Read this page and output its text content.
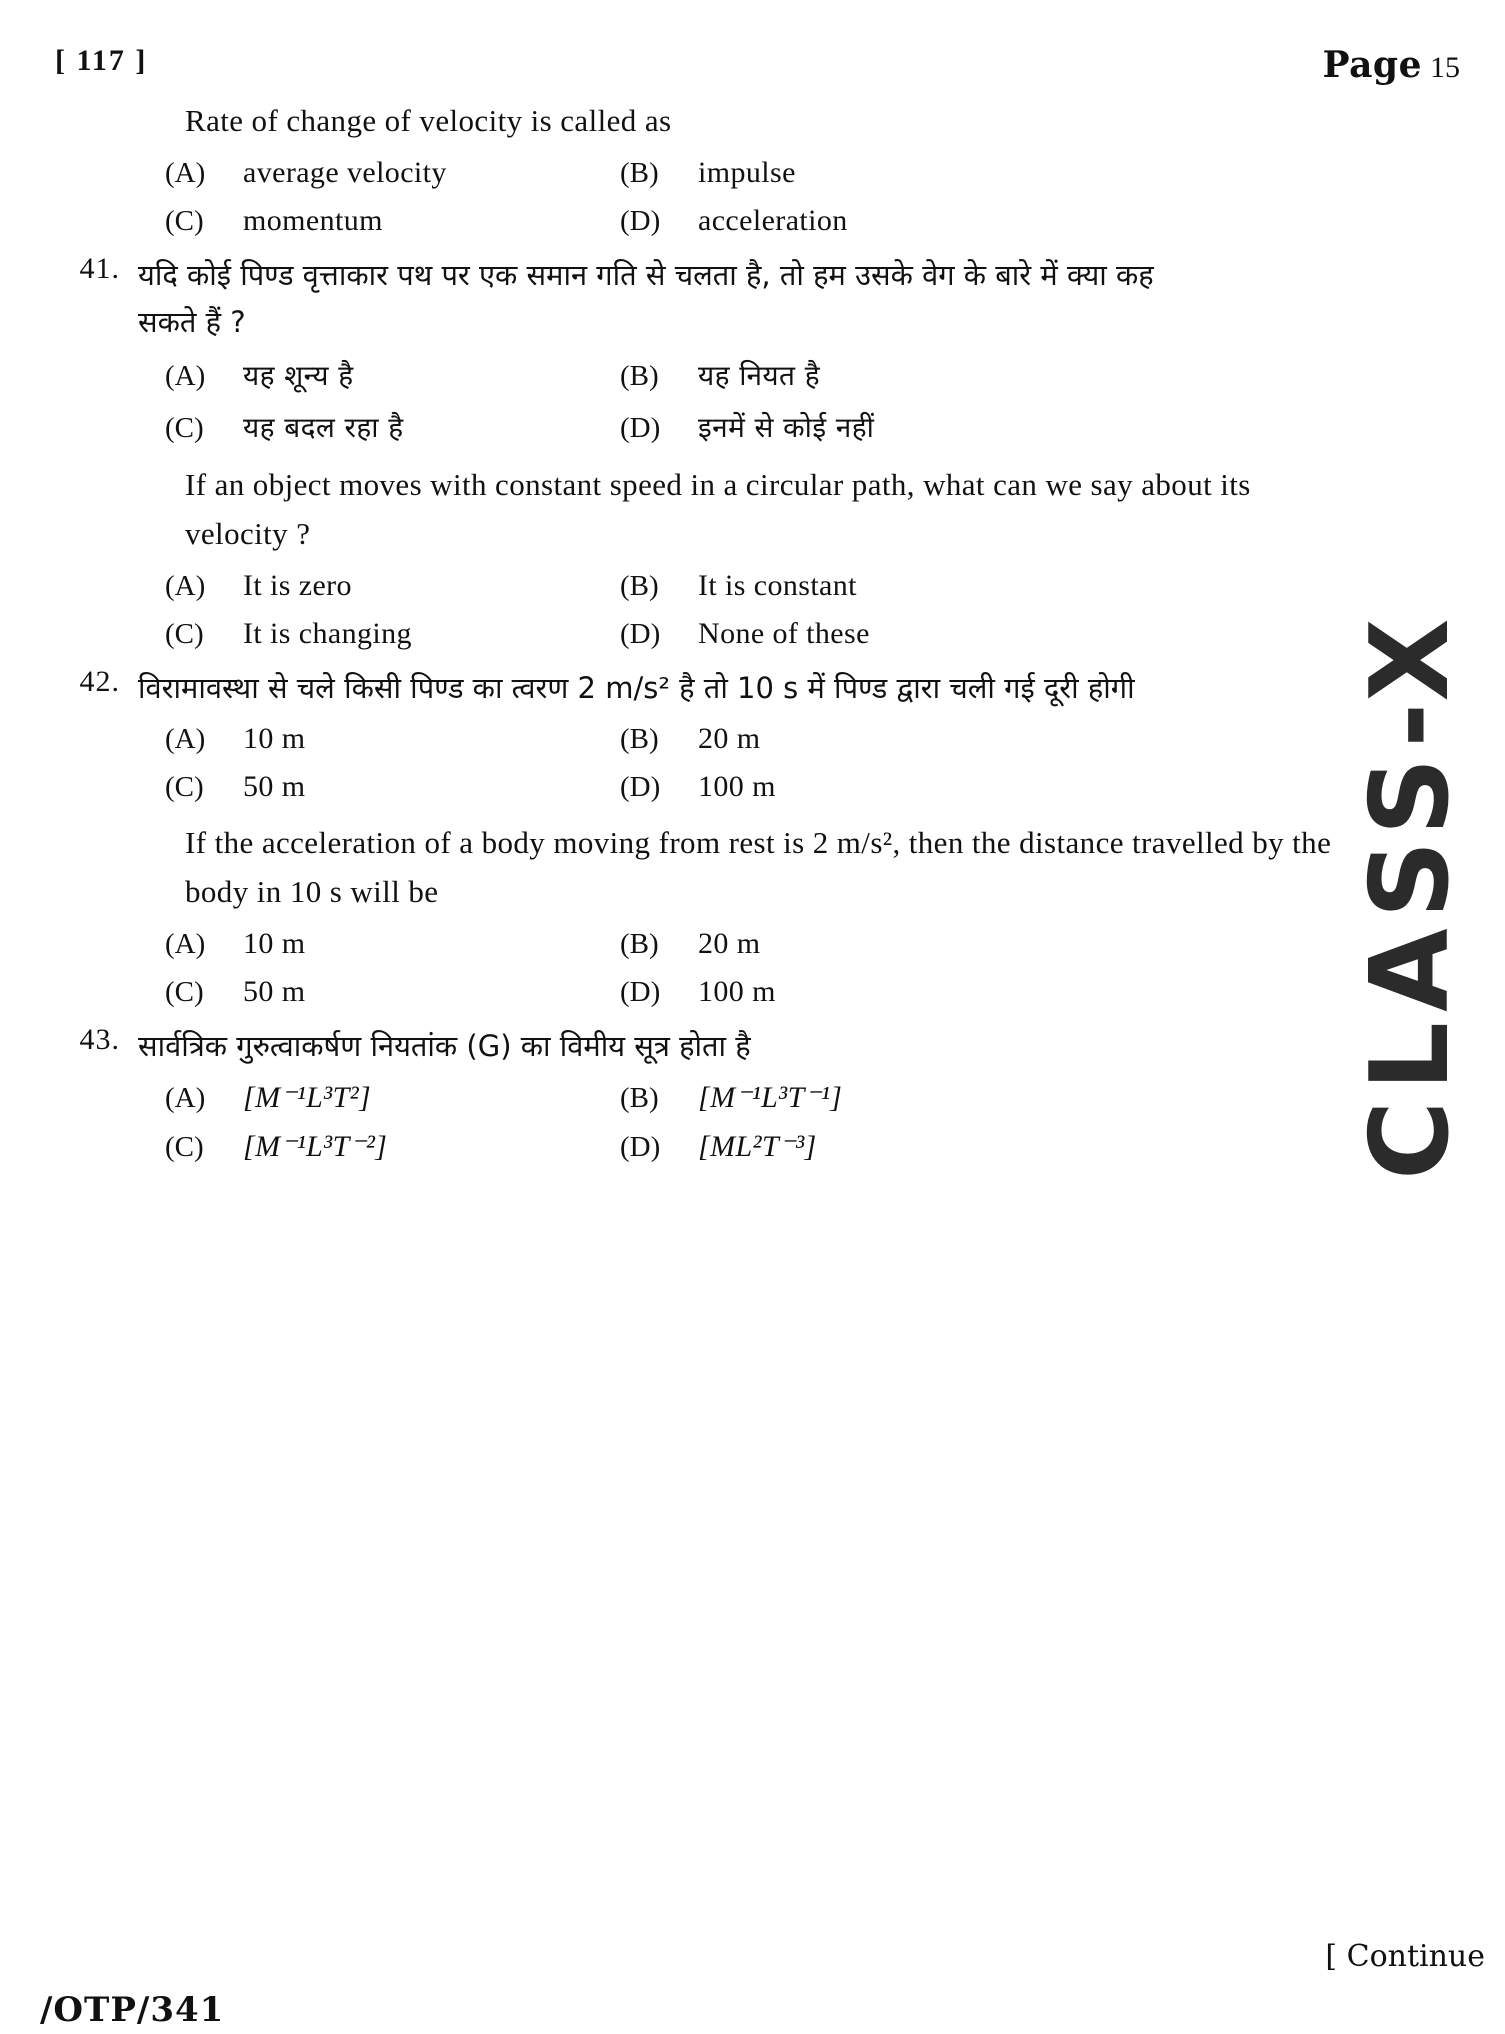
[ 117 ]	Page 15
CLASS-X
Rate of change of velocity is called as
(A)	average velocity	(B)	impulse
(C)	momentum	(D)	acceleration
41. यदि कोई पिण्ड वृत्ताकार पथ पर एक समान गति से चलता है, तो हम उसके वेग के बारे में क्या कह सकते हैं ?
(A)	यह शून्य है	(B)	यह नियत है
(C)	यह बदल रहा है	(D)	इनमें से कोई नहीं
If an object moves with constant speed in a circular path, what can we say about its velocity ?
(A)	It is zero	(B)	It is constant
(C)	It is changing	(D)	None of these
42. विरामावस्था से चले किसी पिण्ड का त्वरण 2 m/s² है तो 10 s में पिण्ड द्वारा चली गई दूरी होगी
(A)	10 m	(B)	20 m
(C)	50 m	(D)	100 m
If the acceleration of a body moving from rest is 2 m/s², then the distance travelled by the body in 10 s will be
(A)	10 m	(B)	20 m
(C)	50 m	(D)	100 m
43. सार्वत्रिक गुरुत्वाकर्षण नियतांक (G) का विमीय सूत्र होता है
(A)	[M⁻¹L³T²]	(B)	[M⁻¹L³T⁻¹]
(C)	[M⁻¹L³T⁻²]	(D)	[ML²T⁻³]
[ Continue
/OTP/341
